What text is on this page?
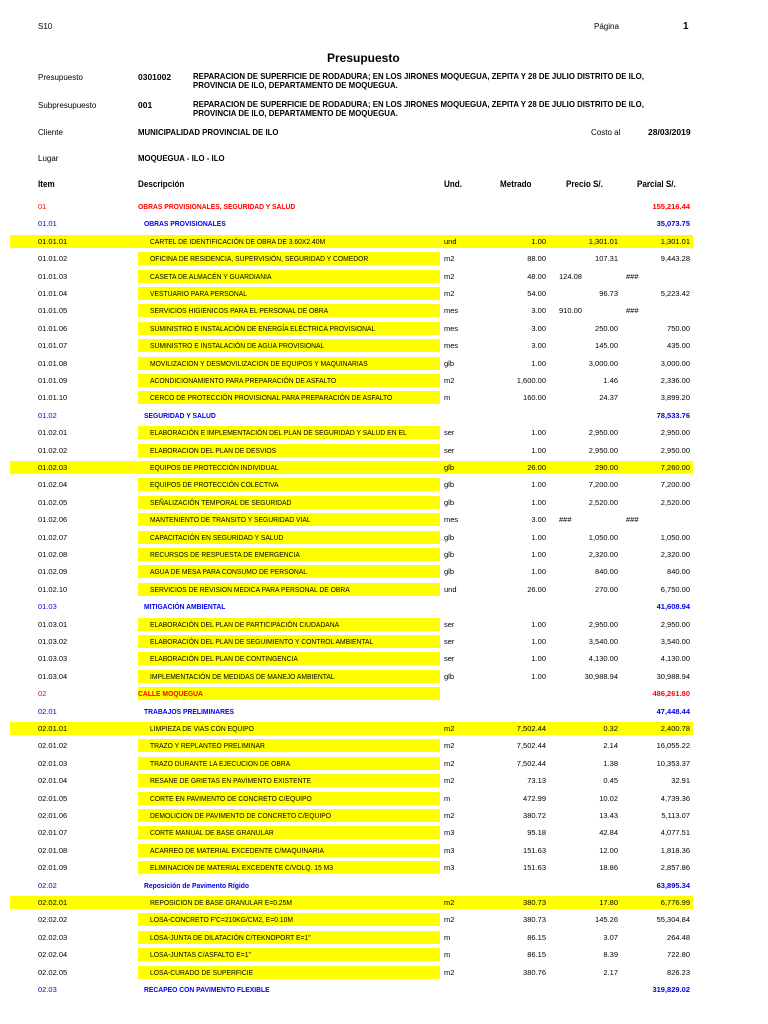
S10	Página	1
Presupuesto
Presupuesto	0301002	REPARACION DE SUPERFICIE DE RODADURA; EN LOS JIRONES MOQUEGUA, ZEPITA Y 28 DE JULIO DISTRITO DE ILO, PROVINCIA DE ILO, DEPARTAMENTO DE MOQUEGUA.
Subpresupuesto	001	REPARACION DE SUPERFICIE DE RODADURA; EN LOS JIRONES MOQUEGUA, ZEPITA Y 28 DE JULIO DISTRITO DE ILO, PROVINCIA DE ILO, DEPARTAMENTO DE MOQUEGUA.
Cliente	MUNICIPALIDAD PROVINCIAL DE ILO	Costo al	28/03/2019
Lugar	MOQUEGUA - ILO - ILO
Item	Descripción	Und.	Metrado	Precio S/.	Parcial S/.
01	OBRAS PROVISIONALES, SEGURIDAD Y SALUD	155,216.44
01.01	OBRAS PROVISIONALES	35,073.75
01.01.01	CARTEL DE IDENTIFICACIÓN DE OBRA DE 3.60X2.40M	und	1.00	1,301.01	1,301.01
01.01.02	OFICINA DE RESIDENCIA, SUPERVISIÓN, SEGURIDAD Y COMEDOR	m2	88.00	107.31	9,443.28
01.01.03	CASETA DE ALMACÉN Y GUARDIANIA	m2	48.00 124.08	###
01.01.04	VESTUARIO PARA PERSONAL	m2	54.00	96.73	5,223.42
01.01.05	SERVICIOS HIGIENICOS PARA EL PERSONAL DE OBRA	mes	3.00 910.00	###
01.01.06	SUMINISTRO E INSTALACIÓN DE ENERGÍA ELÉCTRICA PROVISIONAL	mes	3.00	250.00	750.00
01.01.07	SUMINISTRO E INSTALACIÓN DE AGUA PROVISIONAL	mes	3.00	145.00	435.00
01.01.08	MOVILIZACION Y DESMOVILIZACION DE EQUIPOS Y MAQUINARIAS	glb	1.00	3,000.00	3,000.00
01.01.09	ACONDICIONAMIENTO PARA PREPARACIÓN DE ASFALTO	m2	1,600.00	1.46	2,336.00
01.01.10	CERCO DE PROTECCIÓN PROVISIONAL PARA PREPARACIÓN DE ASFALTO	m	160.00	24.37	3,899.20
01.02	SEGURIDAD Y SALUD	78,533.76
01.02.01	ELABORACIÓN E IMPLEMENTACIÓN DEL PLAN DE SEGURIDAD Y SALUD EN EL	ser	1.00	2,950.00	2,950.00
01.02.02	ELABORACION DEL PLAN DE DESVIOS	ser	1.00	2,950.00	2,950.00
01.02.03	EQUIPOS DE PROTECCIÓN INDIVIDUAL	glb	26.00	290.00	7,260.00
01.02.04	EQUIPOS DE PROTECCIÓN COLECTIVA	glb	1.00	7,200.00	7,200.00
01.02.05	SEÑALIZACIÓN TEMPORAL DE SEGURIDAD	glb	1.00	2,520.00	2,520.00
01.02.06	MANTENIENTO DE TRANSITO Y SEGURIDAD VIAL	mes	3.00 ###	###
01.02.07	CAPACITACIÓN EN SEGURIDAD Y SALUD	glb	1.00	1,050.00	1,050.00
01.02.08	RECURSOS DE RESPUESTA DE EMERGENCIA	glb	1.00	2,320.00	2,320.00
01.02.09	AGUA DE MESA PARA CONSUMO DE PERSONAL	glb	1.00	840.00	840.00
01.02.10	SERVICIOS DE REVISION MEDICA PARA PERSONAL DE OBRA	und	26.00	270.00	6,750.00
01.03	MITIGACIÓN AMBIENTAL	41,608.94
01.03.01	ELABORACIÓN DEL PLAN DE PARTICIPACIÓN CIUDADANA	ser	1.00	2,950.00	2,950.00
01.03.02	ELABORACIÓN DEL PLAN DE SEGUIMIENTO Y CONTROL AMBIENTAL	ser	1.00	3,540.00	3,540.00
01.03.03	ELABORACIÓN DEL PLAN DE CONTINGENCIA	ser	1.00	4,130.00	4,130.00
01.03.04	IMPLEMENTACIÓN DE MEDIDAS DE MANEJO AMBIENTAL	glb	1.00	30,988.94	30,988.94
02	CALLE MOQUEGUA	486,261.80
02.01	TRABAJOS PRELIMINARES	47,448.44
02.01.01	LIMPIEZA DE VIAS CON EQUIPO	m2	7,502.44	0.32	2,400.78
02.01.02	TRAZO Y REPLANTEO PRELIMINAR	m2	7,502.44	2.14	16,055.22
02.01.03	TRAZO DURANTE LA EJECUCION DE OBRA	m2	7,502.44	1.38	10,353.37
02.01.04	RESANE DE GRIETAS EN PAVIMENTO EXISTENTE	m2	73.13	0.45	32.91
02.01.05	CORTE EN PAVIMENTO DE CONCRETO C/EQUIPO	m	472.99	10.02	4,739.36
02.01.06	DEMOLICION DE PAVIMENTO DE CONCRETO C/EQUIPO	m2	380.72	13.43	5,113.07
02.01.07	CORTE MANUAL DE BASE GRANULAR	m3	95.18	42.84	4,077.51
02.01.08	ACARREO DE MATERIAL EXCEDENTE C/MAQUINARIA	m3	151.63	12.00	1,818.36
02.01.09	ELIMINACION DE MATERIAL EXCEDENTE C/VOLQ. 15 M3	m3	151.63	18.86	2,857.86
02.02	Reposición de Pavimento Rígido	63,895.34
02.02.01	REPOSICION DE BASE GRANULAR E=0.25M	m2	380.73	17.80	6,776.99
02.02.02	LOSA-CONCRETO F'C=210KG/CM2, E=0.10M	m2	380.73	145.26	55,304.84
02.02.03	LOSA-JUNTA DE DILATACIÓN C/TEKNOPORT E=1"	m	86.15	3.07	264.48
02.02.04	LOSA-JUNTAS C/ASFALTO E=1"	m	86.15	8.39	722.80
02.02.05	LOSA-CURADO DE SUPERFICIE	m2	380.76	2.17	826.23
02.03	RECAPEO CON PAVIMENTO FLEXIBLE	319,829.02
